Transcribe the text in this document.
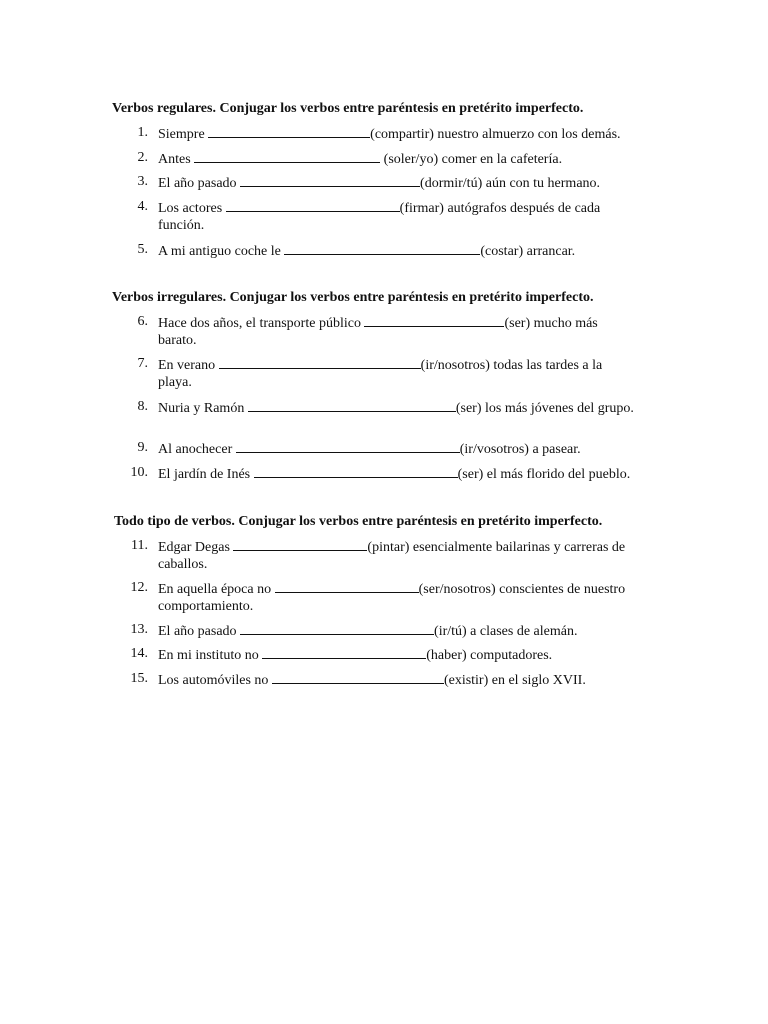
Verbos regulares. Conjugar los verbos entre paréntesis en pretérito imperfecto.
1. Siempre	(compartir) nuestro almuerzo con los demás.
2. Antes	(soler/yo) comer en la cafetería.
3. El año pasado	(dormir/tú) aún con tu hermano.
4. Los actores	(firmar) autógrafos después de cada función.
5. A mi antiguo coche le	(costar) arrancar.
Verbos irregulares. Conjugar los verbos entre paréntesis en pretérito imperfecto.
6. Hace dos años, el transporte público	(ser) mucho más barato.
7. En verano	(ir/nosotros) todas las tardes a la playa.
8. Nuria y Ramón	(ser) los más jóvenes del grupo.
9. Al anochecer	(ir/vosotros) a pasear.
10. El jardín de Inés	(ser) el más florido del pueblo.
Todo tipo de verbos. Conjugar los verbos entre paréntesis en pretérito imperfecto.
11. Edgar Degas	(pintar) esencialmente bailarinas y carreras de caballos.
12. En aquella época no	(ser/nosotros) conscientes de nuestro comportamiento.
13. El año pasado	(ir/tú) a clases de alemán.
14. En mi instituto no	(haber) computadores.
15. Los automóviles no	(existir) en el siglo XVII.
